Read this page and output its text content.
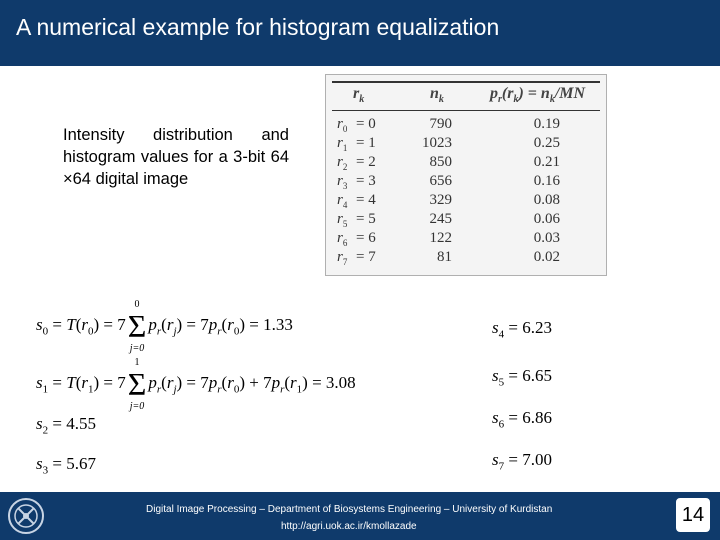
A numerical example for histogram equalization
Intensity distribution and histogram values for a 3-bit 64 ×64 digital image
$r_k$	$n_k$	$p_r(r_k) = n_k/MN$
$r_0 = 0$	790	0.19
$r_1 = 1$	1023	0.25
$r_2 = 2$	850	0.21
$r_3 = 3$	656	0.16
$r_4 = 4$	329	0.08
$r_5 = 5$	245	0.06
$r_6 = 6$	122	0.03
$r_7 = 7$	81	0.02
$s_0 = T(r_0) = 7\Sigma$
0
j=0
$p_r(r_j) = 7p_r(r_0) = 1.33$
$s_1 = T(r_1) = 7\Sigma$
1
j=0
$p_r(r_j) = 7p_r(r_0) + 7p_r(r_1) = 3.08$
$s_2 = 4.55$
$s_3 = 5.67$
$s_4 = 6.23$
$s_5 = 6.65$
$s_6 = 6.86$
$s_7 = 7.00$
Digital Image Processing – Department of Biosystems Engineering – University of Kurdistan
http://agri.uok.ac.ir/kmollazade
14
